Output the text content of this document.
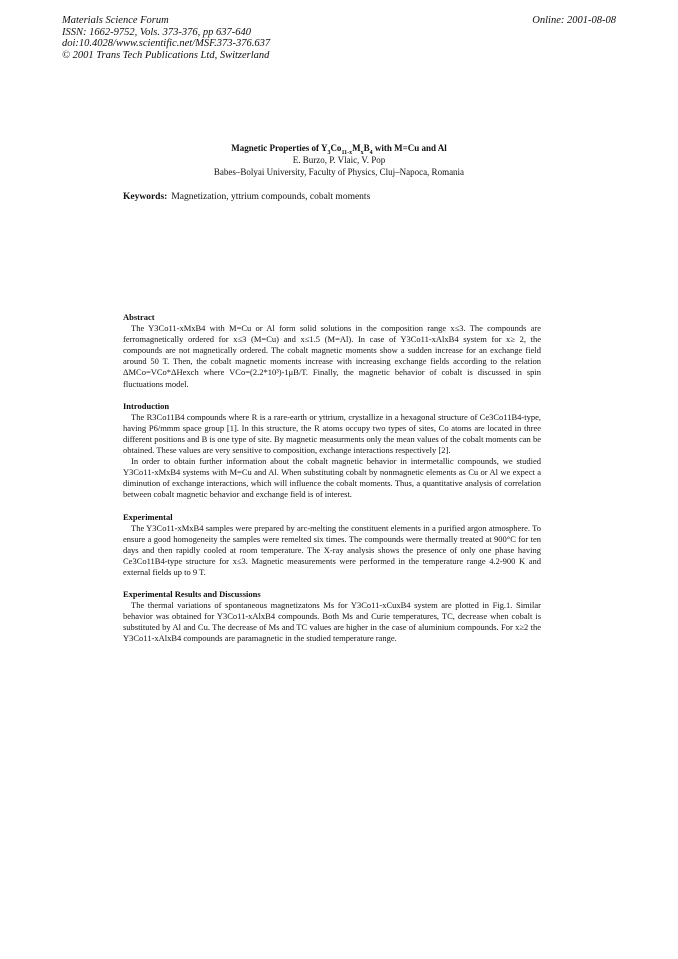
Materials Science Forum
ISSN: 1662-9752, Vols. 373-376, pp 637-640
doi:10.4028/www.scientific.net/MSF.373-376.637
© 2001 Trans Tech Publications Ltd, Switzerland
Online: 2001-08-08
Magnetic Properties of $Y_3Co_{11-x}M_xB_4$ with M=Cu and Al
E. Burzo, P. Vlaic, V. Pop
Babes–Bolyai University, Faculty of Physics, Cluj–Napoca, Romania
Keywords: Magnetization, yttrium compounds, cobalt moments
Abstract

The Y3Co11-xMxB4 with M=Cu or Al form solid solutions in the composition range x≤3. The compounds are ferromagnetically ordered for x≤3 (M=Cu) and x≤1.5 (M=Al). In case of Y3Co11-xAlxB4 system for x≥ 2, the compounds are not magnetically ordered. The cobalt magnetic moments show a sudden increase for an exchange field around 50 T. Then, the cobalt magnetic moments increase with increasing exchange fields according to the relation ΔMCo=VCo*ΔHexch where VCo=(2.2*10³)-1μB/T. Finally, the magnetic behavior of cobalt is discussed in spin fluctuations model.

Introduction

The R3Co11B4 compounds where R is a rare-earth or yttrium, crystallize in a hexagonal structure of Ce3Co11B4-type, having P6/mmm space group [1]. In this structure, the R atoms occupy two types of sites, Co atoms are located in three different positions and B is one type of site. By magnetic measurments only the mean values of the cobalt moments can be obtained. These values are very sensitive to composition, exchange interactions respectively [2].

In order to obtain further information about the cobalt magnetic behavior in intermetallic compounds, we studied Y3Co11-xMxB4 systems with M=Cu and Al. When substituting cobalt by nonmagnetic elements as Cu or Al we expect a diminution of exchange interactions, which will influence the cobalt moments. Thus, a quantitative analysis of correlation between cobalt magnetic behavior and exchange field is of interest.

Experimental

The Y3Co11-xMxB4 samples were prepared by arc-melting the constituent elements in a purified argon atmosphere. To ensure a good homogeneity the samples were remelted six times. The compounds were thermally treated at 900°C for ten days and then rapidly cooled at room temperature. The X-ray analysis shows the presence of only one phase having Ce3Co11B4-type structure for x≤3. Magnetic measurements were performed in the temperature range 4.2-900 K and external fields up to 9 T.

Experimental Results and Discussions

The thermal variations of spontaneous magnetizatons Ms for Y3Co11-xCuxB4 system are plotted in Fig.1. Similar behavior was obtained for Y3Co11-xAlxB4 compounds. Both Ms and Curie temperatures, TC, decrease when cobalt is substituted by Al and Cu. The decrease of Ms and TC values are higher in the case of aluminium compounds. For x≥2 the Y3Co11-xAlxB4 compounds are paramagnetic in the studied temperature range.
